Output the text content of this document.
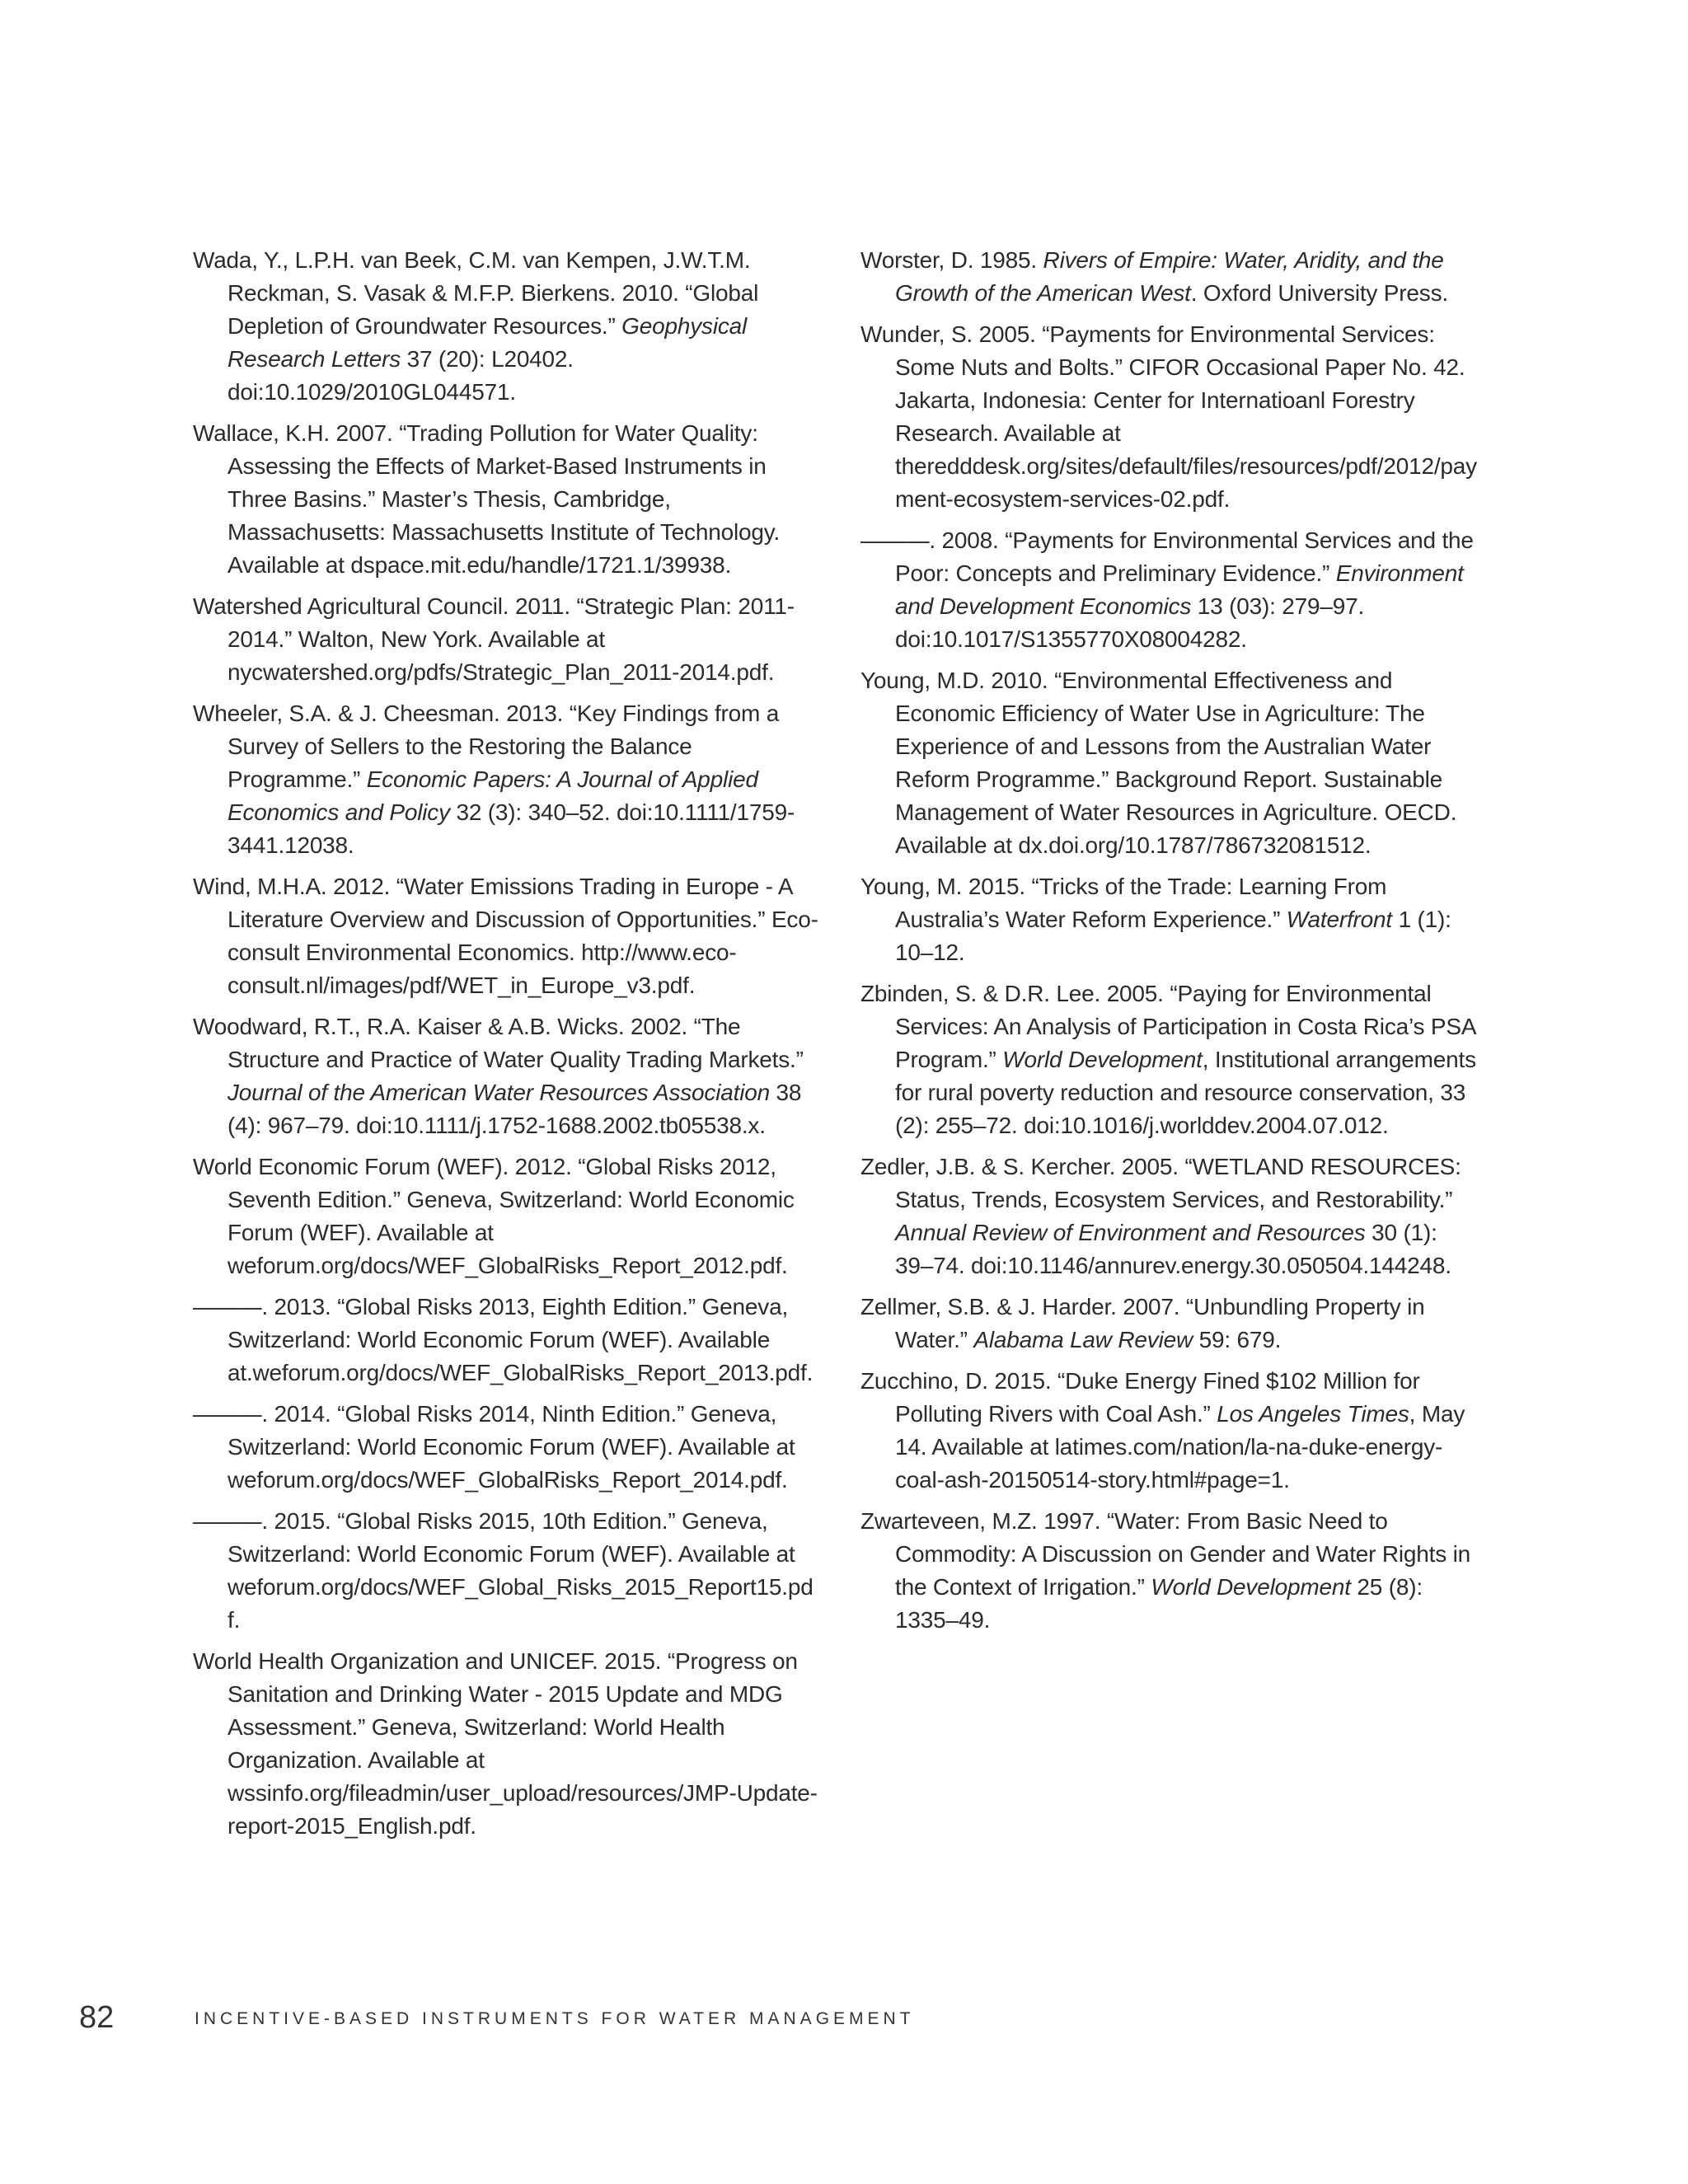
Wada, Y., L.P.H. van Beek, C.M. van Kempen, J.W.T.M. Reckman, S. Vasak & M.F.P. Bierkens. 2010. “Global Depletion of Groundwater Resources.” Geophysical Research Letters 37 (20): L20402. doi:10.1029/2010GL044571.

Wallace, K.H. 2007. “Trading Pollution for Water Quality: Assessing the Effects of Market-Based Instruments in Three Basins.” Master’s Thesis, Cambridge, Massachusetts: Massachusetts Institute of Technology. Available at dspace.mit.edu/handle/1721.1/39938.

Watershed Agricultural Council. 2011. “Strategic Plan: 2011-2014.” Walton, New York. Available at nycwatershed.org/pdfs/Strategic_Plan_2011-2014.pdf.

Wheeler, S.A. & J. Cheesman. 2013. “Key Findings from a Survey of Sellers to the Restoring the Balance Programme.” Economic Papers: A Journal of Applied Economics and Policy 32 (3): 340–52. doi:10.1111/1759-3441.12038.

Wind, M.H.A. 2012. “Water Emissions Trading in Europe - A Literature Overview and Discussion of Opportunities.” Eco-consult Environmental Economics. http://www.eco-consult.nl/images/pdf/WET_in_Europe_v3.pdf.

Woodward, R.T., R.A. Kaiser & A.B. Wicks. 2002. “The Structure and Practice of Water Quality Trading Markets.” Journal of the American Water Resources Association 38 (4): 967–79. doi:10.1111/j.1752-1688.2002.tb05538.x.

World Economic Forum (WEF). 2012. “Global Risks 2012, Seventh Edition.” Geneva, Switzerland: World Economic Forum (WEF). Available at weforum.org/docs/WEF_GlobalRisks_Report_2012.pdf.

———. 2013. “Global Risks 2013, Eighth Edition.” Geneva, Switzerland: World Economic Forum (WEF). Available at.weforum.org/docs/WEF_GlobalRisks_Report_2013.pdf.

———. 2014. “Global Risks 2014, Ninth Edition.” Geneva, Switzerland: World Economic Forum (WEF). Available at weforum.org/docs/WEF_GlobalRisks_Report_2014.pdf.

———. 2015. “Global Risks 2015, 10th Edition.” Geneva, Switzerland: World Economic Forum (WEF). Available at weforum.org/docs/WEF_Global_Risks_2015_Report15.pdf.

World Health Organization and UNICEF. 2015. “Progress on Sanitation and Drinking Water - 2015 Update and MDG Assessment.” Geneva, Switzerland: World Health Organization. Available at wssinfo.org/fileadmin/user_upload/resources/JMP-Update-report-2015_English.pdf.

Worster, D. 1985. Rivers of Empire: Water, Aridity, and the Growth of the American West. Oxford University Press.

Wunder, S. 2005. “Payments for Environmental Services: Some Nuts and Bolts.” CIFOR Occasional Paper No. 42. Jakarta, Indonesia: Center for Internatioanl Forestry Research. Available at theredddesk.org/sites/default/files/resources/pdf/2012/payment-ecosystem-services-02.pdf.

———. 2008. “Payments for Environmental Services and the Poor: Concepts and Preliminary Evidence.” Environment and Development Economics 13 (03): 279–97. doi:10.1017/S1355770X08004282.

Young, M.D. 2010. “Environmental Effectiveness and Economic Efficiency of Water Use in Agriculture: The Experience of and Lessons from the Australian Water Reform Programme.” Background Report. Sustainable Management of Water Resources in Agriculture. OECD. Available at dx.doi.org/10.1787/786732081512.

Young, M. 2015. “Tricks of the Trade: Learning From Australia’s Water Reform Experience.” Waterfront 1 (1): 10–12.

Zbinden, S. & D.R. Lee. 2005. “Paying for Environmental Services: An Analysis of Participation in Costa Rica’s PSA Program.” World Development, Institutional arrangements for rural poverty reduction and resource conservation, 33 (2): 255–72. doi:10.1016/j.worlddev.2004.07.012.

Zedler, J.B. & S. Kercher. 2005. “WETLAND RESOURCES: Status, Trends, Ecosystem Services, and Restorability.” Annual Review of Environment and Resources 30 (1): 39–74. doi:10.1146/annurev.energy.30.050504.144248.

Zellmer, S.B. & J. Harder. 2007. “Unbundling Property in Water.” Alabama Law Review 59: 679.

Zucchino, D. 2015. “Duke Energy Fined $102 Million for Polluting Rivers with Coal Ash.” Los Angeles Times, May 14. Available at latimes.com/nation/la-na-duke-energy-coal-ash-20150514-story.html#page=1.

Zwarteveen, M.Z. 1997. “Water: From Basic Need to Commodity: A Discussion on Gender and Water Rights in the Context of Irrigation.” World Development 25 (8): 1335–49.

82	INCENTIVE-BASED INSTRUMENTS FOR WATER MANAGEMENT
